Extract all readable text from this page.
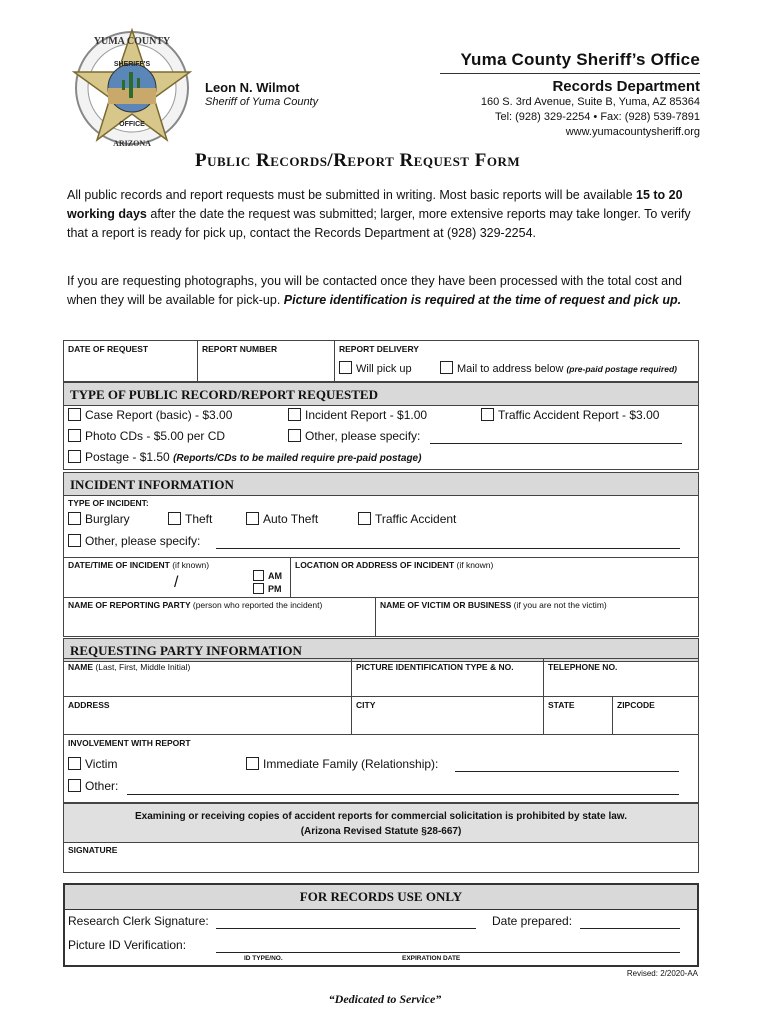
YUMA COUNTY
SHERIFF'S
OFFICE
ARIZONA
Leon N. Wilmot
Sheriff of Yuma County
Yuma County Sheriff’s Office
Records Department
160 S. 3rd Avenue, Suite B, Yuma, AZ 85364
Tel: (928) 329-2254 • Fax: (928) 539-7891
www.yumacountysheriff.org
Public Records/Report Request Form
All public records and report requests must be submitted in writing. Most basic reports will be available 15 to 20 working days after the date the request was submitted; larger, more extensive reports may take longer. To verify that a report is ready for pick up, contact the Records Department at (928) 329-2254.
If you are requesting photographs, you will be contacted once they have been processed with the total cost and when they will be available for pick-up. Picture identification is required at the time of request and pick up.
DATE OF REQUEST	REPORT NUMBER	REPORT DELIVERY
Will pick up	Mail to address below (pre-paid postage required)
TYPE OF PUBLIC RECORD/REPORT REQUESTED
Case Report (basic) - $3.00	Incident Report - $1.00	Traffic Accident Report - $3.00
Photo CDs - $5.00 per CD	Other, please specify:
Postage - $1.50 (Reports/CDs to be mailed require pre-paid postage)
INCIDENT INFORMATION
TYPE OF INCIDENT:
Burglary	Theft	Auto Theft	Traffic Accident
Other, please specify:
DATE/TIME OF INCIDENT (if known)
/	AM
PM
LOCATION OR ADDRESS OF INCIDENT (if known)
NAME OF REPORTING PARTY (person who reported the incident)	NAME OF VICTIM OR BUSINESS (if you are not the victim)
REQUESTING PARTY INFORMATION
NAME (Last, First, Middle Initial)	PICTURE IDENTIFICATION TYPE & NO.	TELEPHONE NO.
ADDRESS	CITY	STATE	ZIPCODE
INVOLVEMENT WITH REPORT
Victim	Immediate Family (Relationship):
Other:
Examining or receiving copies of accident reports for commercial solicitation is prohibited by state law.
(Arizona Revised Statute §28-667)
SIGNATURE
FOR RECORDS USE ONLY
Research Clerk Signature:	Date prepared:
Picture ID Verification:
ID TYPE/NO.	EXPIRATION DATE
Revised: 2/2020-AA
“Dedicated to Service”
